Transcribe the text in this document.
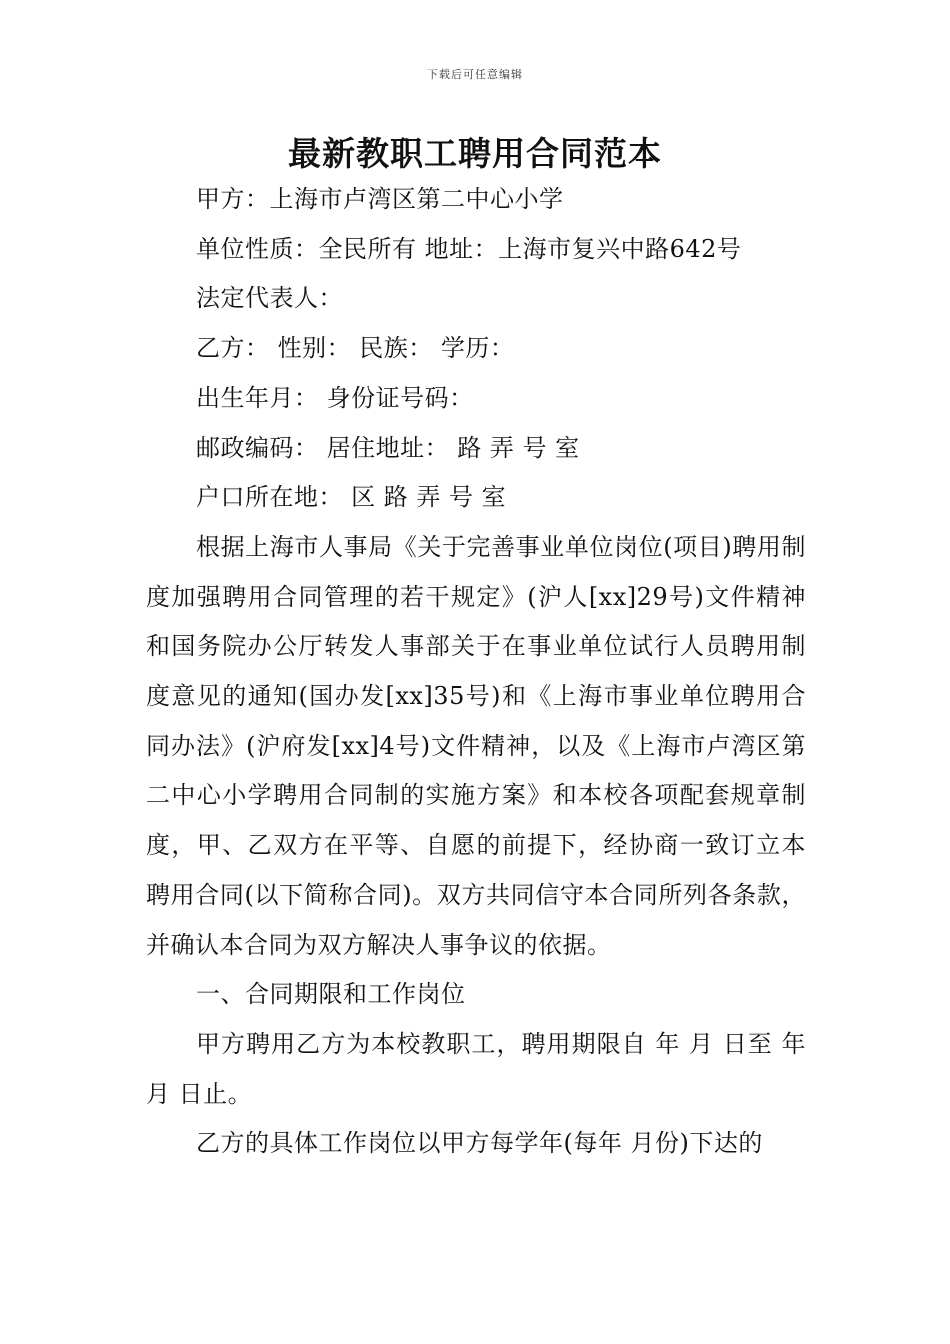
下载后可任意编辑
最新教职工聘用合同范本

甲方：上海市卢湾区第二中心小学

单位性质：全民所有 地址：上海市复兴中路642号

法定代表人：

乙方： 性别： 民族： 学历：

出生年月： 身份证号码：

邮政编码： 居住地址： 路 弄 号 室

户口所在地： 区 路 弄 号 室

根据上海市人事局《关于完善事业单位岗位(项目)聘用制度加强聘用合同管理的若干规定》(沪人[xx]29号)文件精神和国务院办公厅转发人事部关于在事业单位试行人员聘用制度意见的通知(国办发[xx]35号)和《上海市事业单位聘用合同办法》(沪府发[xx]4号)文件精神，以及《上海市卢湾区第二中心小学聘用合同制的实施方案》和本校各项配套规章制度，甲、乙双方在平等、自愿的前提下，经协商一致订立本聘用合同(以下简称合同)。双方共同信守本合同所列各条款，并确认本合同为双方解决人事争议的依据。

一、合同期限和工作岗位

甲方聘用乙方为本校教职工，聘用期限自 年 月 日至 年 月 日止。

乙方的具体工作岗位以甲方每学年(每年 月份)下达的
